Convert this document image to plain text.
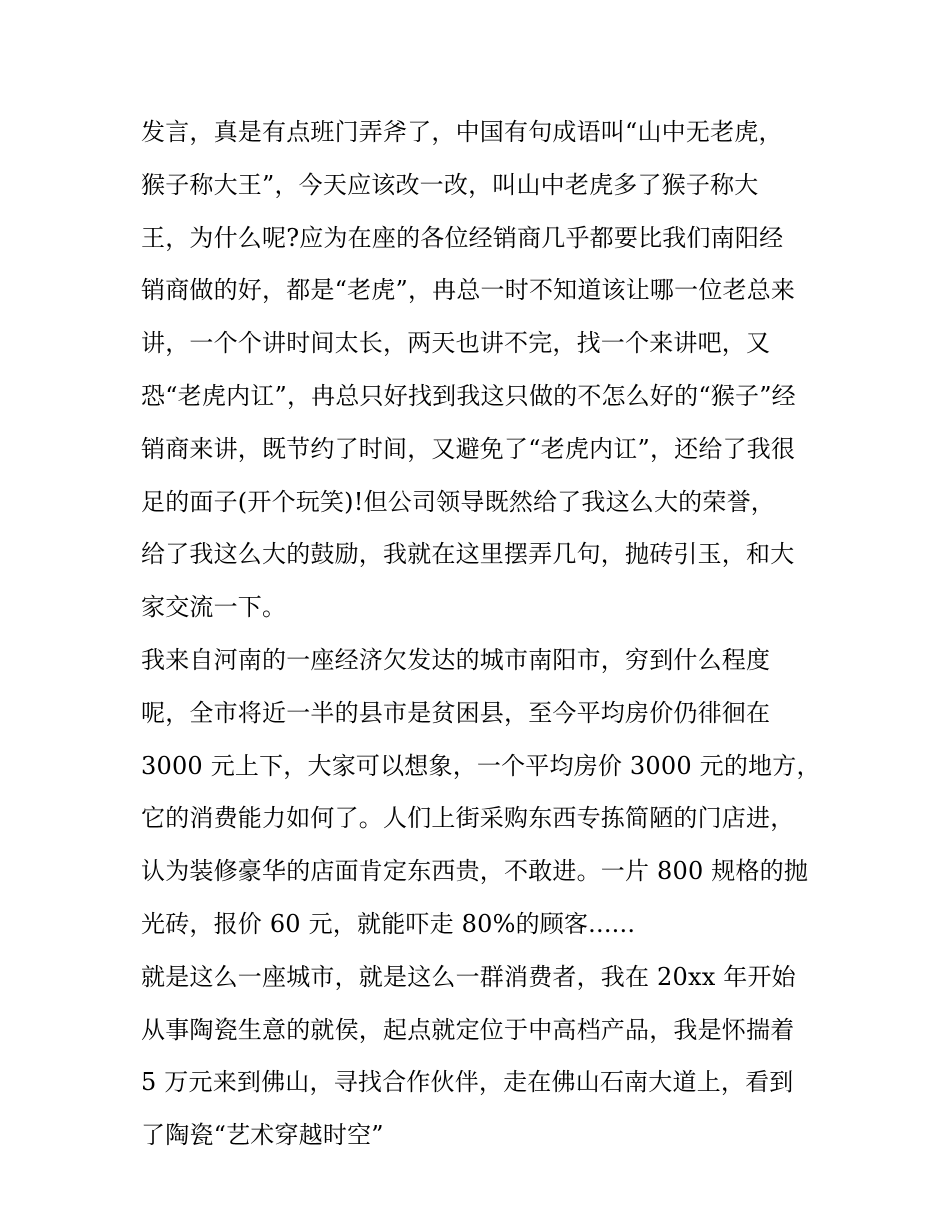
发言，真是有点班门弄斧了，中国有句成语叫“山中无老虎，
猴子称大王”，今天应该改一改，叫山中老虎多了猴子称大
王，为什么呢?应为在座的各位经销商几乎都要比我们南阳经
销商做的好，都是“老虎”，冉总一时不知道该让哪一位老总来
讲，一个个讲时间太长，两天也讲不完，找一个来讲吧，又
恐“老虎内讧”，冉总只好找到我这只做的不怎么好的“猴子”经
销商来讲，既节约了时间，又避免了“老虎内讧”，还给了我很
足的面子(开个玩笑)!但公司领导既然给了我这么大的荣誉，
给了我这么大的鼓励，我就在这里摆弄几句，抛砖引玉，和大
家交流一下。
我来自河南的一座经济欠发达的城市南阳市，穷到什么程度
呢，全市将近一半的县市是贫困县，至今平均房价仍徘徊在
3000 元上下，大家可以想象，一个平均房价 3000 元的地方，
它的消费能力如何了。人们上街采购东西专拣简陋的门店进，
认为装修豪华的店面肯定东西贵，不敢进。一片 800 规格的抛
光砖，报价 60 元，就能吓走 80%的顾客......
就是这么一座城市，就是这么一群消费者，我在 20xx 年开始
从事陶瓷生意的就侯，起点就定位于中高档产品，我是怀揣着
5 万元来到佛山，寻找合作伙伴，走在佛山石南大道上，看到
了陶瓷“艺术穿越时空”
